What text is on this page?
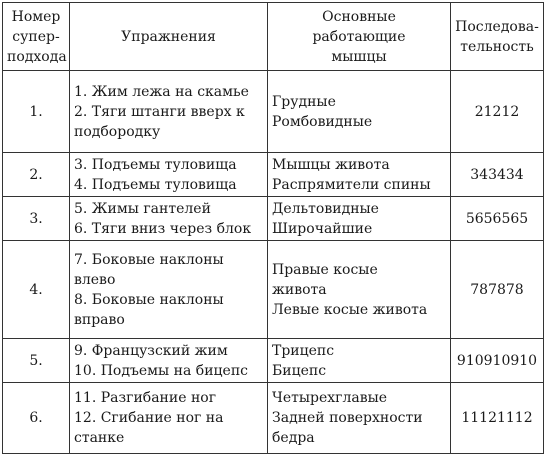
Номер
супер-
подхода	Упражнения	Основные
работающие
мышцы	Последова-
тельность

1.	1. Жим лежа на скамье
2. Тяги штанги вверх к
подбородку	Грудные
Ромбовидные	21212
2.	3. Подъемы туловища
4. Подъемы туловища	Мышцы живота
Распрямители спины	343434
3.	5. Жимы гантелей
6. Тяги вниз через блок	Дельтовидные
Широчайшие	5656565
4.	7. Боковые наклоны
влево
8. Боковые наклоны
вправо	Правые косые
живота
Левые косые живота	787878
5.	9. Французский жим
10. Подъемы на бицепс	Трицепс
Бицепс	910910910
6.	11. Разгибание ног
12. Сгибание ног на
станке	Четырехглавые
Задней поверхности
бедра	11121112
